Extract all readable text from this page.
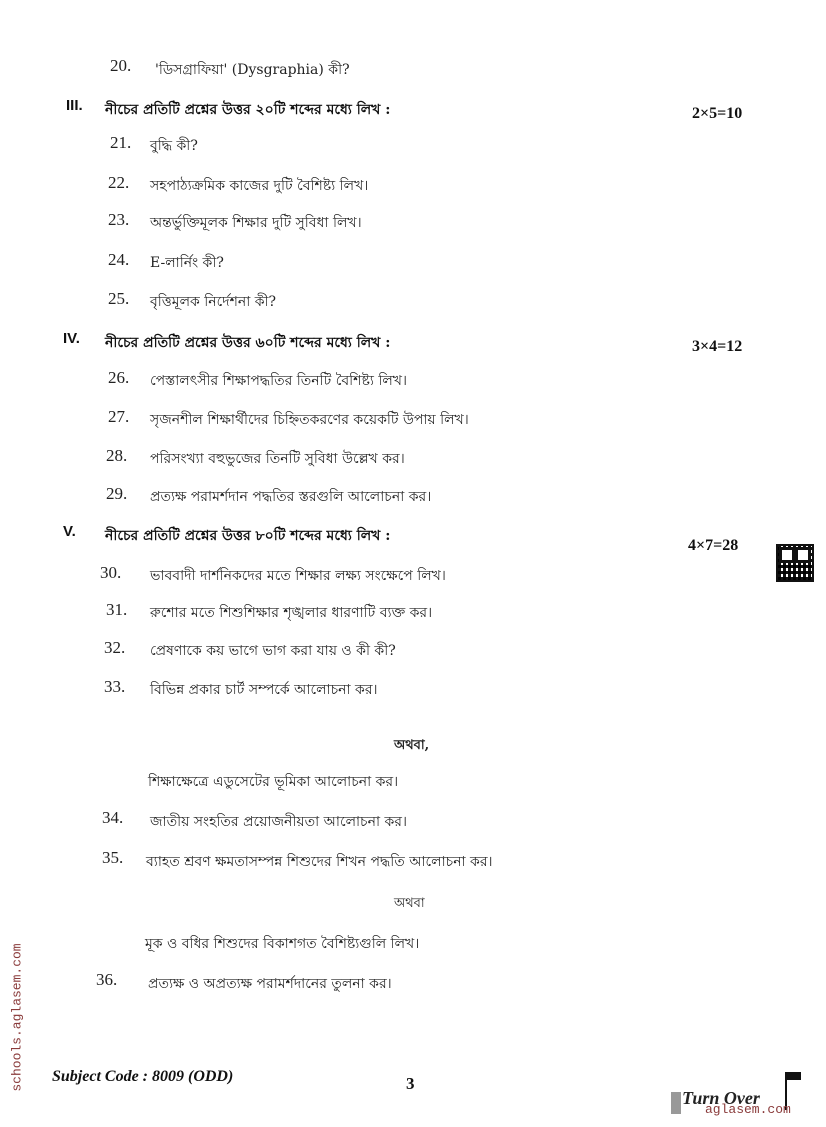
20. 'ডিসগ্রাফিয়া' (Dysgraphia) কী?
III. নীচের প্রতিটি প্রশ্নের উত্তর ২০টি শব্দের মধ্যে লিখ :	2×5=10
21. বুদ্ধি কী?
22. সহপাঠ্যক্রমিক কাজের দুটি বৈশিষ্ট্য লিখ।
23. অন্তর্ভুক্তিমূলক শিক্ষার দুটি সুবিধা লিখ।
24. E-লার্নিং কী?
25. বৃত্তিমূলক নির্দেশনা কী?
IV. নীচের প্রতিটি প্রশ্নের উত্তর ৬০টি শব্দের মধ্যে লিখ :	3×4=12
26. পেস্তালৎসীর শিক্ষাপদ্ধতির তিনটি বৈশিষ্ট্য লিখ।
27. সৃজনশীল শিক্ষার্থীদের চিহ্নিতকরণের কয়েকটি উপায় লিখ।
28. পরিসংখ্যা বহুভুজের তিনটি সুবিধা উল্লেখ কর।
29. প্রত্যক্ষ পরামর্শদান পদ্ধতির স্তরগুলি আলোচনা কর।
V. নীচের প্রতিটি প্রশ্নের উত্তর ৮০টি শব্দের মধ্যে লিখ :
4×7=28
30. ভাববাদী দার্শনিকদের মতে শিক্ষার লক্ষ্য সংক্ষেপে লিখ।
31. রুশোর মতে শিশুশিক্ষার শৃঙ্খলার ধারণাটি ব্যক্ত কর।
32. প্রেষণাকে কয় ভাগে ভাগ করা যায় ও কী কী?
33. বিভিন্ন প্রকার চার্ট সম্পর্কে আলোচনা কর।
অথবা,
শিক্ষাক্ষেত্রে এডুসেটের ভূমিকা আলোচনা কর।
34. জাতীয় সংহতির প্রয়োজনীয়তা আলোচনা কর।
35. ব্যাহত শ্রবণ ক্ষমতাসম্পন্ন শিশুদের শিখন পদ্ধতি আলোচনা কর।
অথবা
মূক ও বধির শিশুদের বিকাশগত বৈশিষ্ট্যগুলি লিখ।
36. প্রত্যক্ষ ও অপ্রত্যক্ষ পরামর্শদানের তুলনা কর।
Subject Code : 8009 (ODD)	3
Turn Over
aglasem.com
schools.aglasem.com
